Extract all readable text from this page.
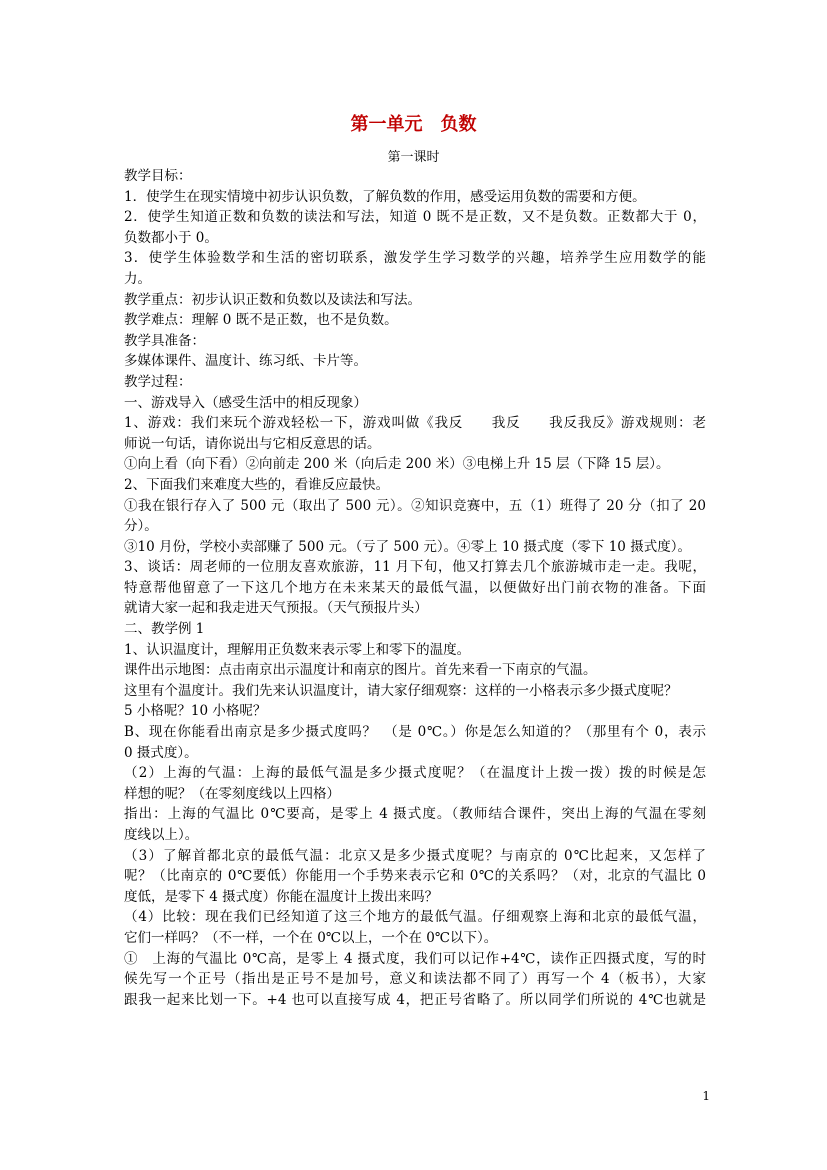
第一单元　负数
第一课时
教学目标：
1．使学生在现实情境中初步认识负数，了解负数的作用，感受运用负数的需要和方便。
2．使学生知道正数和负数的读法和写法，知道 0 既不是正数，又不是负数。正数都大于 0，
负数都小于 0。
3．使学生体验数学和生活的密切联系，激发学生学习数学的兴趣，培养学生应用数学的能
力。
教学重点：初步认识正数和负数以及读法和写法。
教学难点：理解 0 既不是正数，也不是负数。
教学具准备：
多媒体课件、温度计、练习纸、卡片等。
教学过程：
一、游戏导入（感受生活中的相反现象）
1、游戏：我们来玩个游戏轻松一下，游戏叫做《我反　　我反　　我反我反》游戏规则：老
师说一句话，请你说出与它相反意思的话。
①向上看（向下看）②向前走 200 米（向后走 200 米）③电梯上升 15 层（下降 15 层）。
2、下面我们来难度大些的，看谁反应最快。
①我在银行存入了 500 元（取出了 500 元）。②知识竞赛中，五（1）班得了 20 分（扣了 20
分）。
③10 月份，学校小卖部赚了 500 元。（亏了 500 元）。④零上 10 摄式度（零下 10 摄式度）。
3、谈话：周老师的一位朋友喜欢旅游，11 月下旬，他又打算去几个旅游城市走一走。我呢，
特意帮他留意了一下这几个地方在未来某天的最低气温，以便做好出门前衣物的准备。下面
就请大家一起和我走进天气预报。（天气预报片头）
二、教学例 1
1、认识温度计，理解用正负数来表示零上和零下的温度。
课件出示地图：点击南京出示温度计和南京的图片。首先来看一下南京的气温。
这里有个温度计。我们先来认识温度计，请大家仔细观察：这样的一小格表示多少摄式度呢？
5 小格呢？10 小格呢？
B、现在你能看出南京是多少摄式度吗？　（是 0℃。）你是怎么知道的？（那里有个 0，表示
0 摄式度）。
（2）上海的气温：上海的最低气温是多少摄式度呢？（在温度计上拨一拨）拨的时候是怎
样想的呢？（在零刻度线以上四格）
指出：上海的气温比 0℃要高，是零上 4 摄式度。（教师结合课件，突出上海的气温在零刻
度线以上）。
（3）了解首都北京的最低气温：北京又是多少摄式度呢？与南京的 0℃比起来，又怎样了
呢？（比南京的 0℃要低）你能用一个手势来表示它和 0℃的关系吗？（对，北京的气温比 0
度低，是零下 4 摄式度）你能在温度计上拨出来吗？
（4）比较：现在我们已经知道了这三个地方的最低气温。仔细观察上海和北京的最低气温，
它们一样吗？（不一样，一个在 0℃以上，一个在 0℃以下）。
①　上海的气温比 0℃高，是零上 4 摄式度，我们可以记作+4℃，读作正四摄式度，写的时
候先写一个正号（指出是正号不是加号，意义和读法都不同了）再写一个 4（板书），大家
跟我一起来比划一下。+4 也可以直接写成 4，把正号省略了。所以同学们所说的 4℃也就是
1
